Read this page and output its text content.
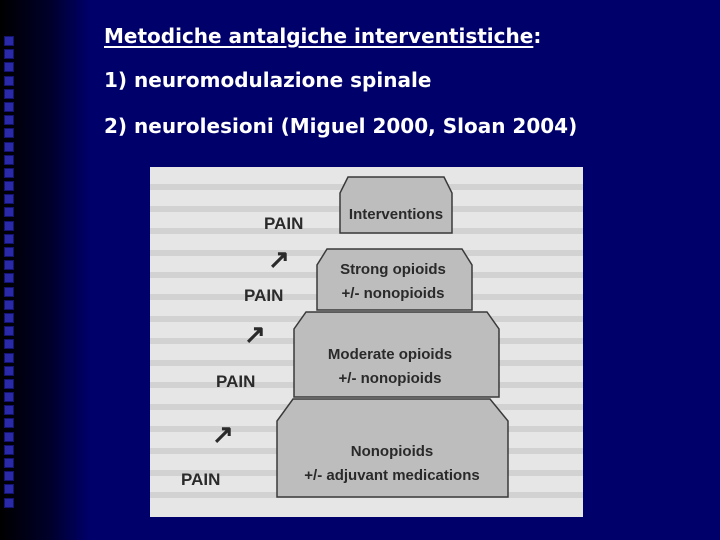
Metodiche antalgiche interventistiche:
1) neuromodulazione spinale
2) neurolesioni (Miguel 2000, Sloan 2004)
Interventions
Strong opioids
+/- nonopioids
Moderate opioids
+/- nonopioids
Nonopioids
+/- adjuvant medications
PAIN
PAIN
PAIN
PAIN
↗
↗
↗
